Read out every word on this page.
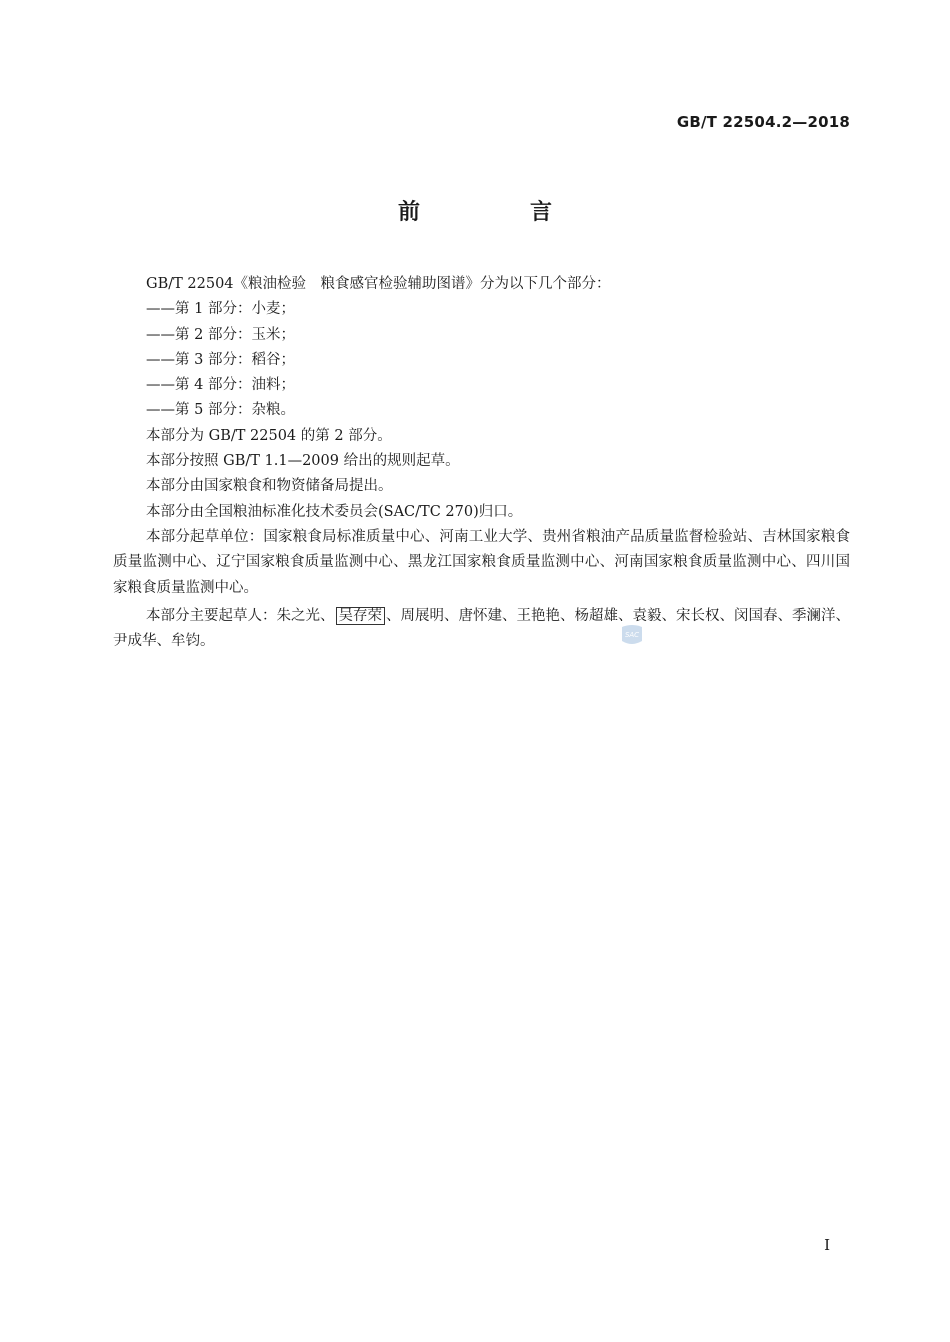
GB/T 22504.2—2018
前　言

GB/T 22504《粮油检验　粮食感官检验辅助图谱》分为以下几个部分：

——第 1 部分：小麦；

——第 2 部分：玉米；

——第 3 部分：稻谷；

——第 4 部分：油料；

——第 5 部分：杂粮。

本部分为 GB/T 22504 的第 2 部分。

本部分按照 GB/T 1.1—2009 给出的规则起草。

本部分由国家粮食和物资储备局提出。

本部分由全国粮油标准化技术委员会(SAC/TC 270)归口。

本部分起草单位：国家粮食局标准质量中心、河南工业大学、贵州省粮油产品质量监督检验站、吉林国家粮食质量监测中心、辽宁国家粮食质量监测中心、黑龙江国家粮食质量监测中心、河南国家粮食质量监测中心、四川国家粮食质量监测中心。

本部分主要起草人：朱之光、 吴存荣 、周展明、唐怀建、王艳艳、杨超雄、袁毅、宋长权、闵国春、季澜洋、尹成华、牟钧。	SAC
I
